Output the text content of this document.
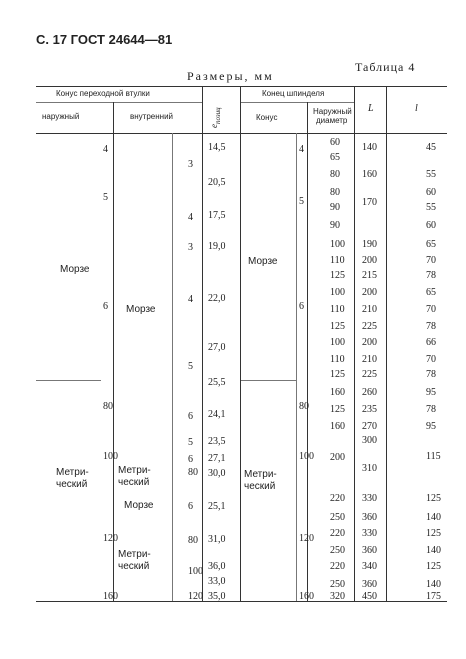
С. 17 ГОСТ 24644—81
Таблица 4
Размеры, мм
Конус переходной втулки
наружный	внутренний
$e_{позиц}$
Конец шпинделя
Конус
Наружный
диаметр
L	l
Морзе
Морзе
Морзе
Метри-
ческий
Метри-
ческий
Морзе
Метри-
ческий
Метри-
ческий
4
5
6
80
100
120
160
3
4
3
4
5
6
5
6
80
6
80
100
120
14,5
20,5
17,5
19,0
22,0
27,0
25,5
24,1
23,5
27,1
30,0
25,1
31,0
36,0
33,0
35,0
4
5
6
80
100
120
160
60
65
80
80
90
90
100
110
125
100
110
125
100
110
125
160
125
160
200
220
250
220
250
220
250
320
140
160
170
190
200
215
200
210
225
200
210
225
260
235
270
300
310
330
360
330
360
340
360
450
45
55
60
55
60
65
70
78
65
70
78
66
70
78
95
78
95
115
125
140
125
140
125
140
175
